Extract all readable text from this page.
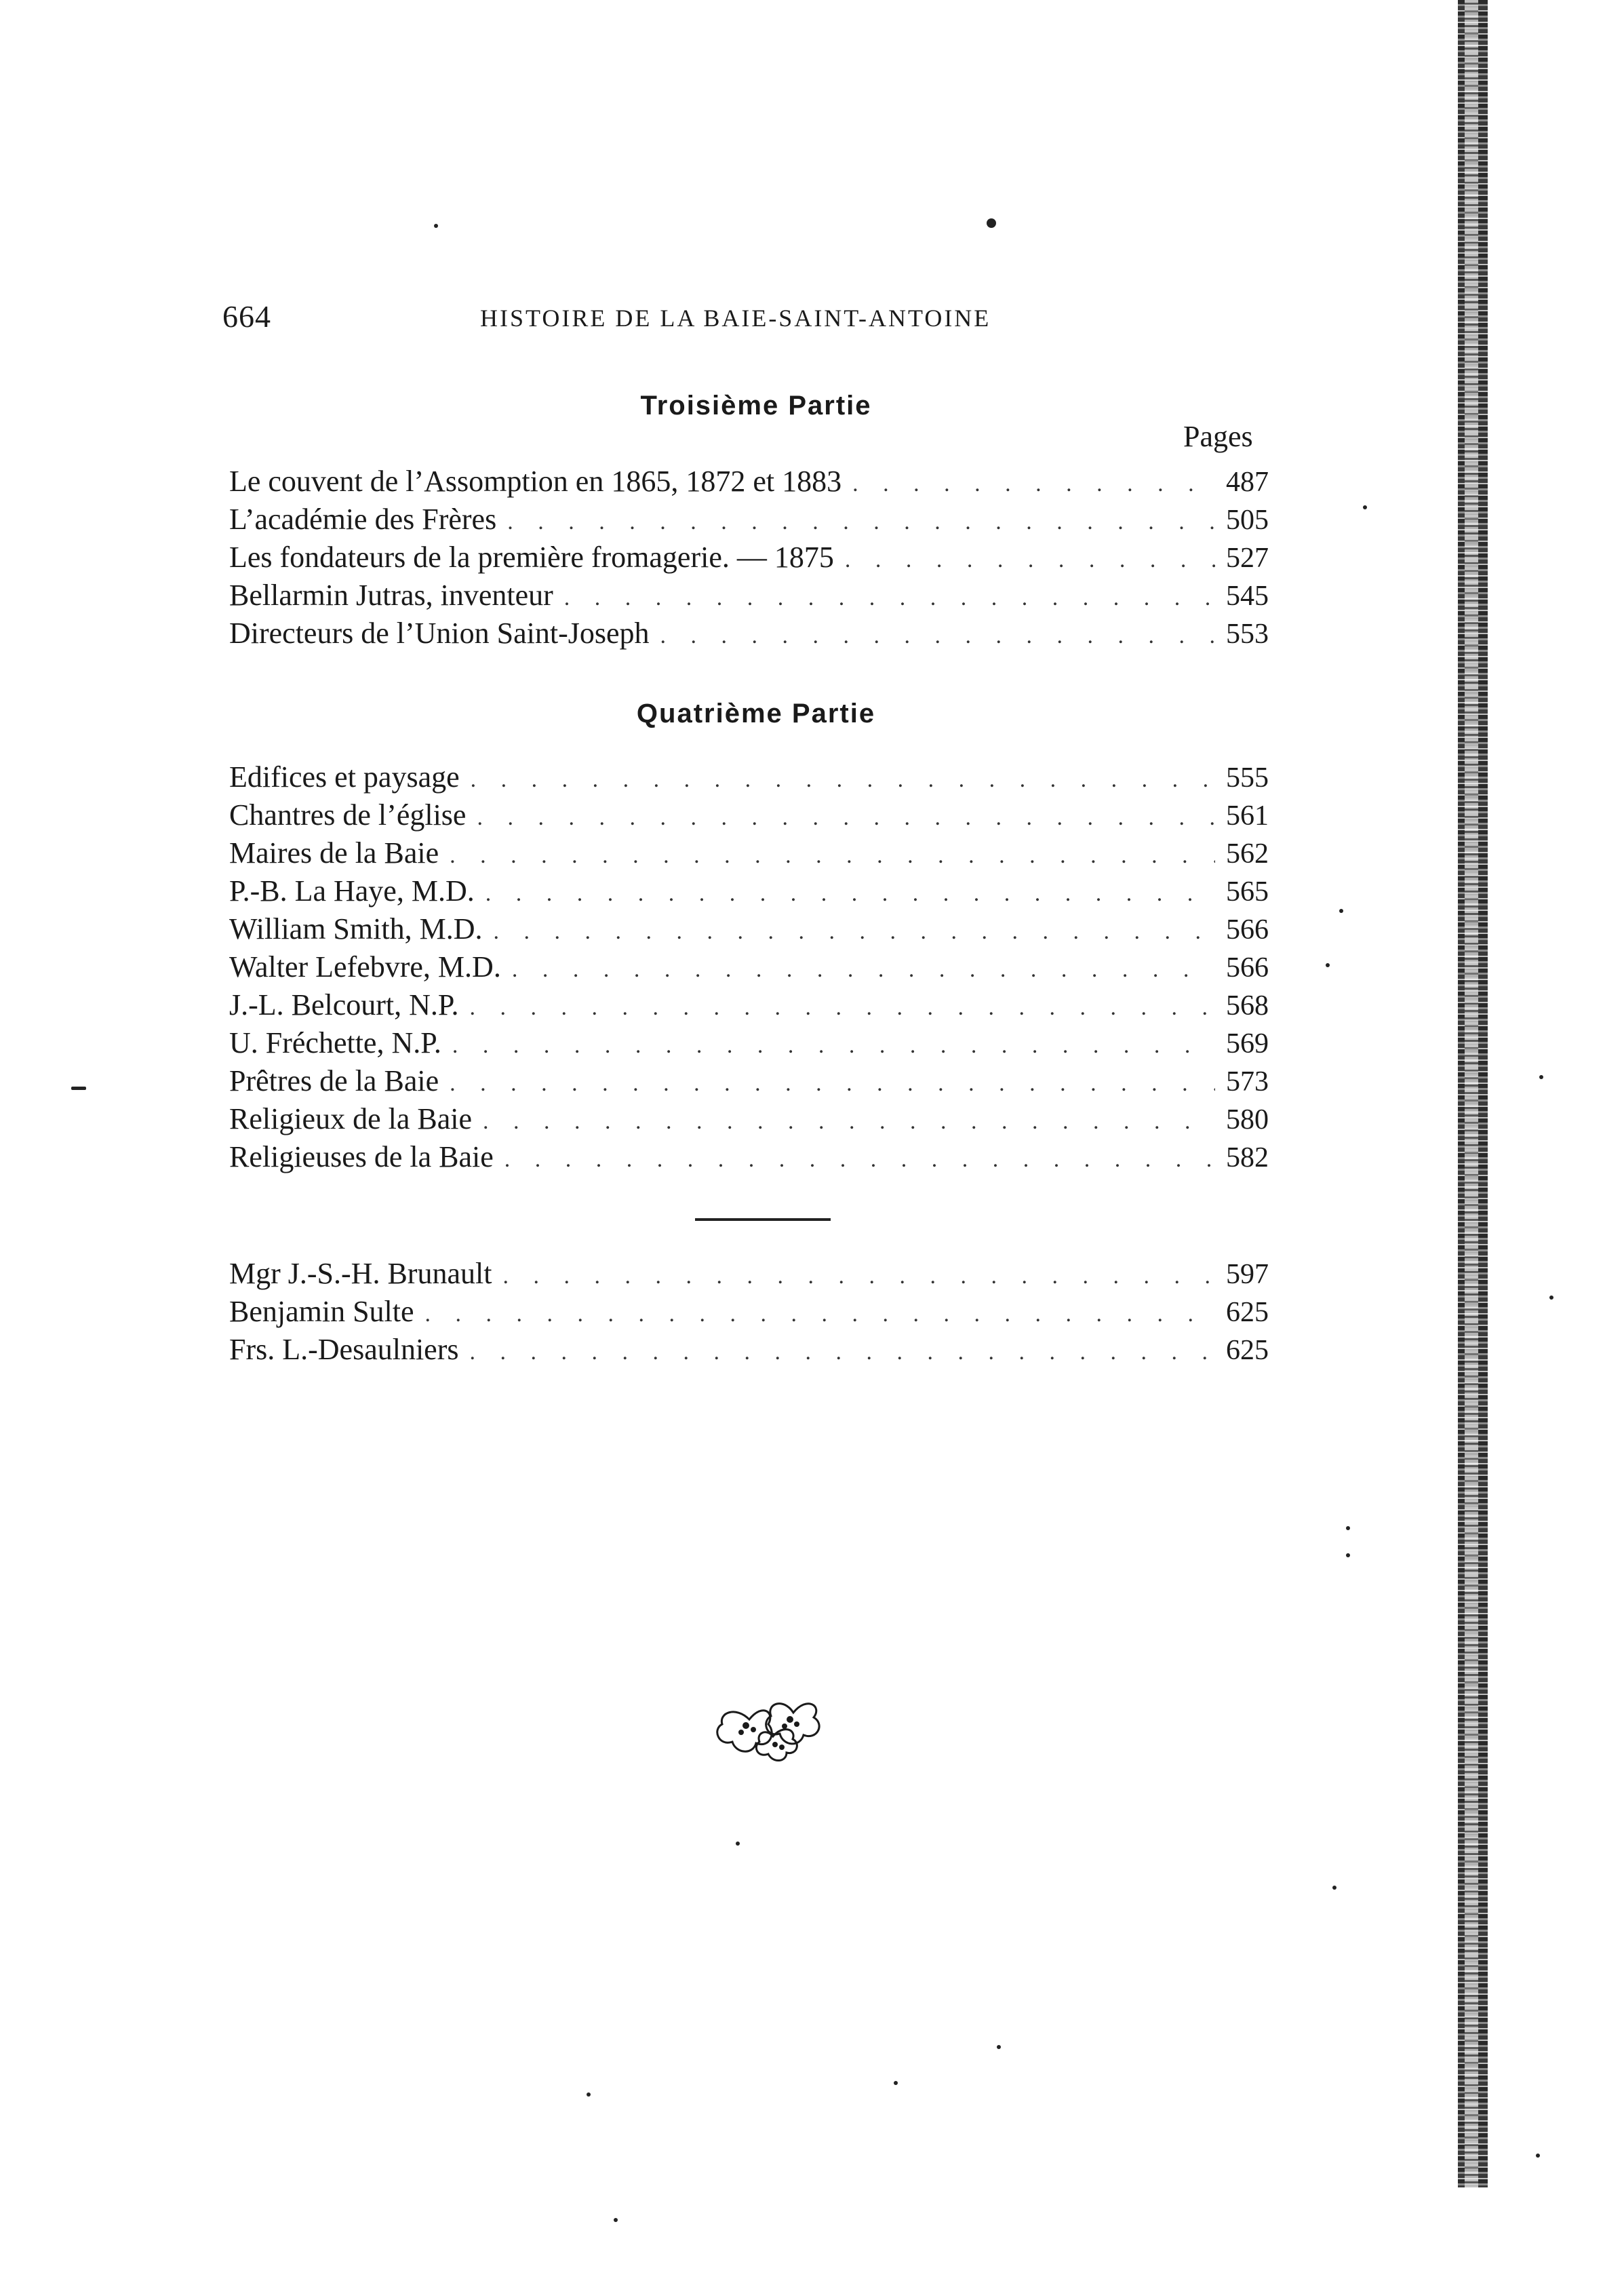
664	HISTOIRE DE LA BAIE-SAINT-ANTOINE
Troisième Partie
Pages
Le couvent de l’Assomption en 1865, 1872 et 1883 . . .	487
L’académie des Frères . . .	505
Les fondateurs de la première fromagerie. — 1875 . . .	527
Bellarmin Jutras, inventeur . . .	545
Directeurs de l’Union Saint-Joseph . . .	553
Quatrième Partie
Edifices et paysage . . .	555
Chantres de l’église . . .	561
Maires de la Baie . . .	562
P.-B. La Haye, M.D. . . .	565
William Smith, M.D. . . .	566
Walter Lefebvre, M.D. . . .	566
J.-L. Belcourt, N.P. . . .	568
U. Fréchette, N.P. . . .	569
Prêtres de la Baie . . .	573
Religieux de la Baie . . .	580
Religieuses de la Baie . . .	582
Mgr J.-S.-H. Brunault . . .	597
Benjamin Sulte . . .	625
Frs. L.-Desaulniers . . .	625
